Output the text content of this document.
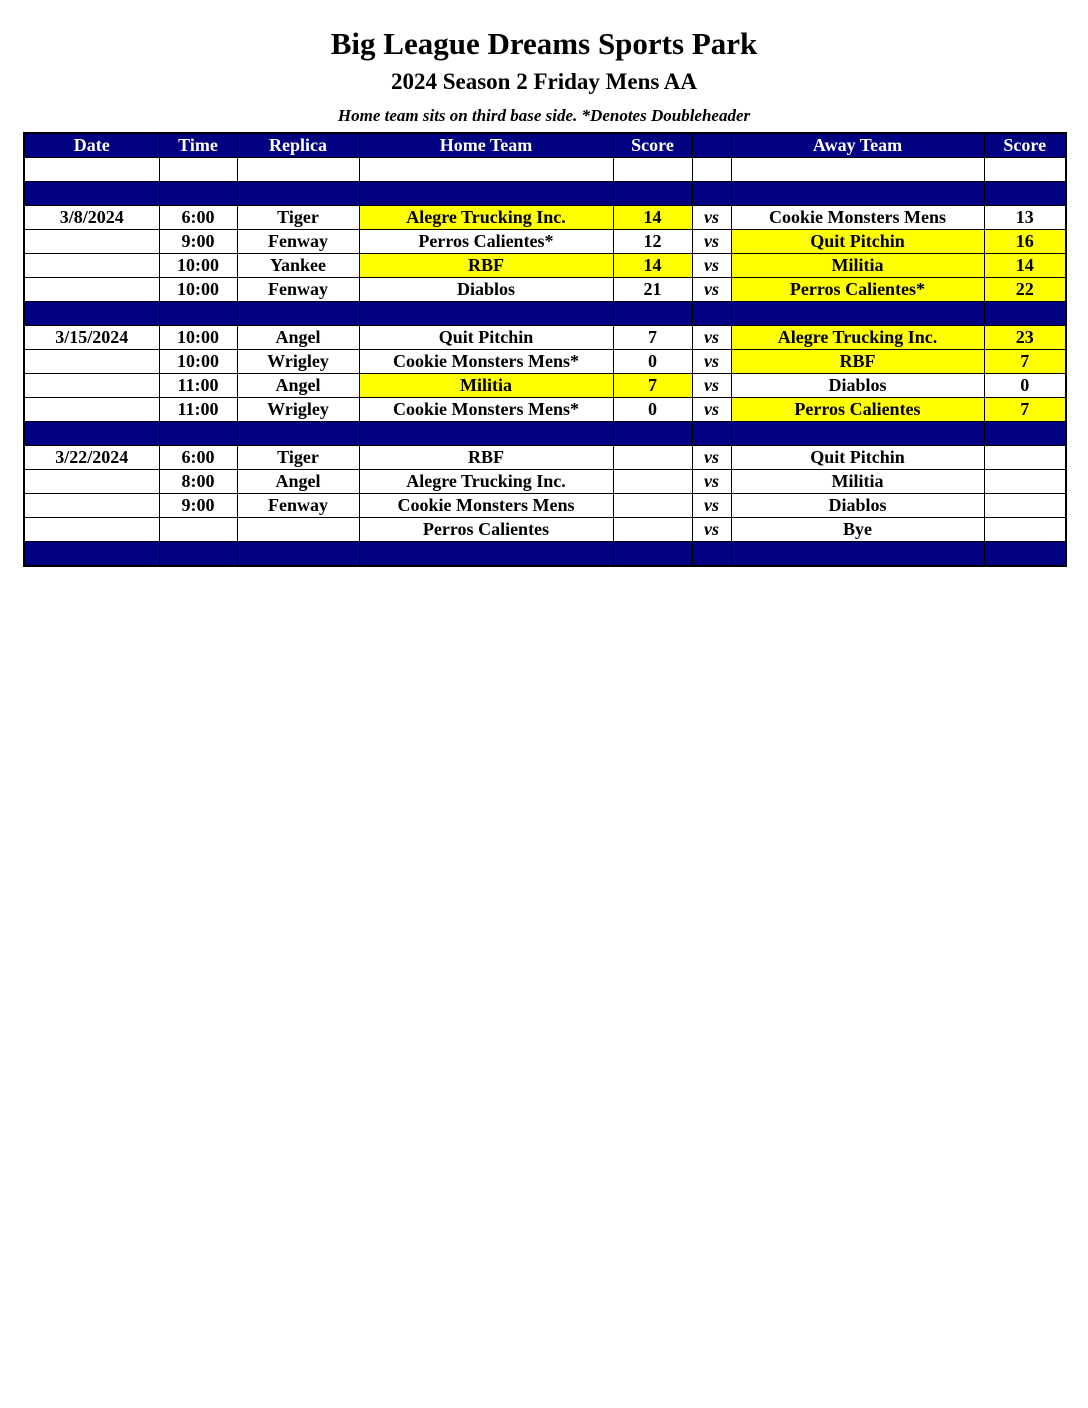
Big League Dreams Sports Park
2024 Season 2 Friday Mens AA
Home team sits on third base side. *Denotes Doubleheader
Date	Time	Replica	Home Team	Score		Away Team	Score

3/8/2024	6:00	Tiger	Alegre Trucking Inc.	14	vs	Cookie Monsters Mens	13
	9:00	Fenway	Perros Calientes*	12	vs	Quit Pitchin	16
	10:00	Yankee	RBF	14	vs	Militia	14
	10:00	Fenway	Diablos	21	vs	Perros Calientes*	22

3/15/2024	10:00	Angel	Quit Pitchin	7	vs	Alegre Trucking Inc.	23
	10:00	Wrigley	Cookie Monsters Mens*	0	vs	RBF	7
	11:00	Angel	Militia	7	vs	Diablos	0
	11:00	Wrigley	Cookie Monsters Mens*	0	vs	Perros Calientes	7

3/22/2024	6:00	Tiger	RBF		vs	Quit Pitchin	
	8:00	Angel	Alegre Trucking Inc.		vs	Militia	
	9:00	Fenway	Cookie Monsters Mens		vs	Diablos	
			Perros Calientes		vs	Bye	
